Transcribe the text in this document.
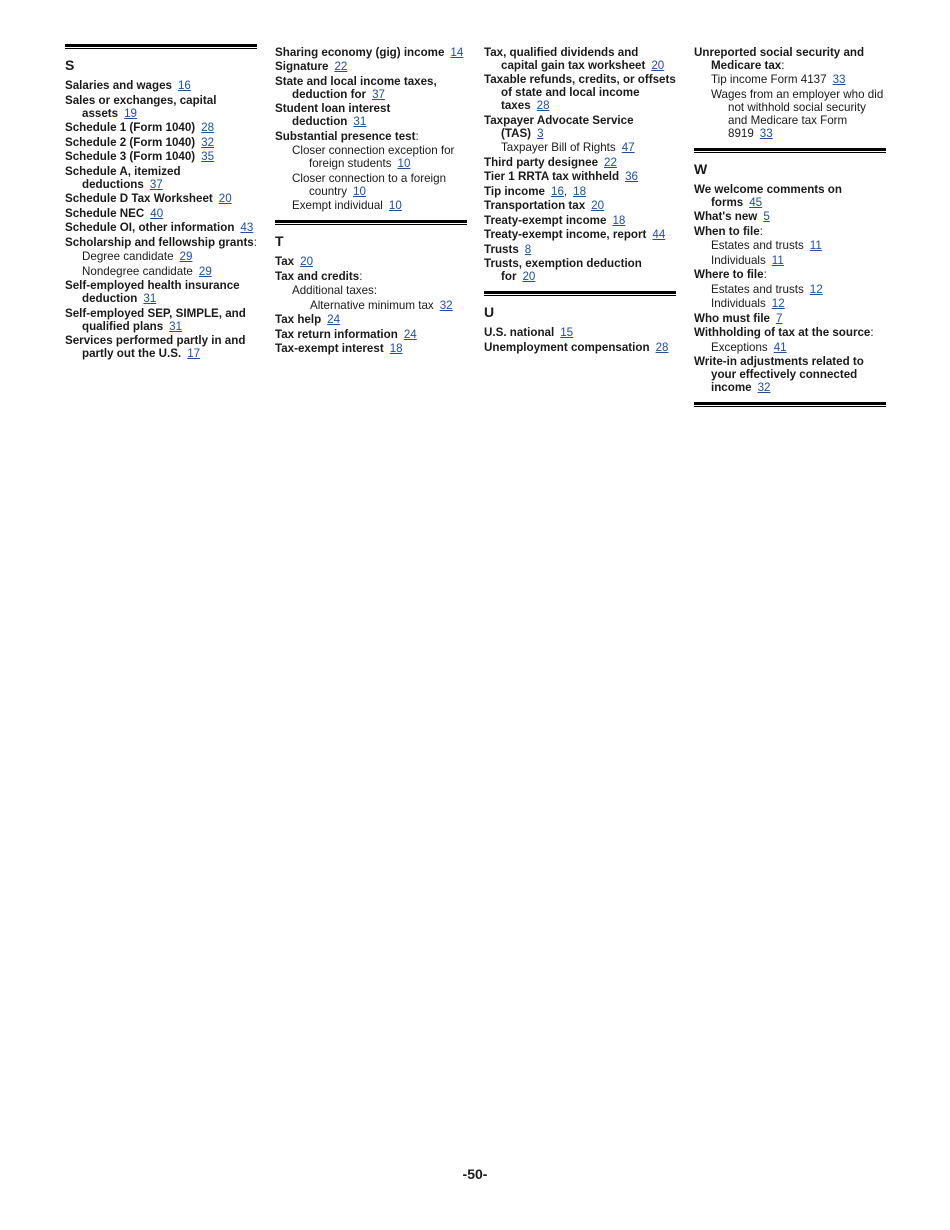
S
Salaries and wages 16
Sales or exchanges, capital assets 19
Schedule 1 (Form 1040) 28
Schedule 2 (Form 1040) 32
Schedule 3 (Form 1040) 35
Schedule A, itemized deductions 37
Schedule D Tax Worksheet 20
Schedule NEC 40
Schedule OI, other information 43
Scholarship and fellowship grants:
Degree candidate 29
Nondegree candidate 29
Self-employed health insurance deduction 31
Self-employed SEP, SIMPLE, and qualified plans 31
Services performed partly in and partly out the U.S. 17
Sharing economy (gig) income 14
Signature 22
State and local income taxes, deduction for 37
Student loan interest deduction 31
Substantial presence test:
Closer connection exception for foreign students 10
Closer connection to a foreign country 10
Exempt individual 10
T
Tax 20
Tax and credits:
Additional taxes:
Alternative minimum tax 32
Tax help 24
Tax return information 24
Tax-exempt interest 18
Tax, qualified dividends and capital gain tax worksheet 20
Taxable refunds, credits, or offsets of state and local income taxes 28
Taxpayer Advocate Service (TAS) 3
Taxpayer Bill of Rights 47
Third party designee 22
Tier 1 RRTA tax withheld 36
Tip income 16, 18
Transportation tax 20
Treaty-exempt income 18
Treaty-exempt income, report 44
Trusts 8
Trusts, exemption deduction for 20
U
U.S. national 15
Unemployment compensation 28
Unreported social security and Medicare tax:
Tip income Form 4137 33
Wages from an employer who did not withhold social security and Medicare tax Form 8919 33
W
We welcome comments on forms 45
What's new 5
When to file:
Estates and trusts 11
Individuals 11
Where to file:
Estates and trusts 12
Individuals 12
Who must file 7
Withholding of tax at the source:
Exceptions 41
Write-in adjustments related to your effectively connected income 32
-50-
